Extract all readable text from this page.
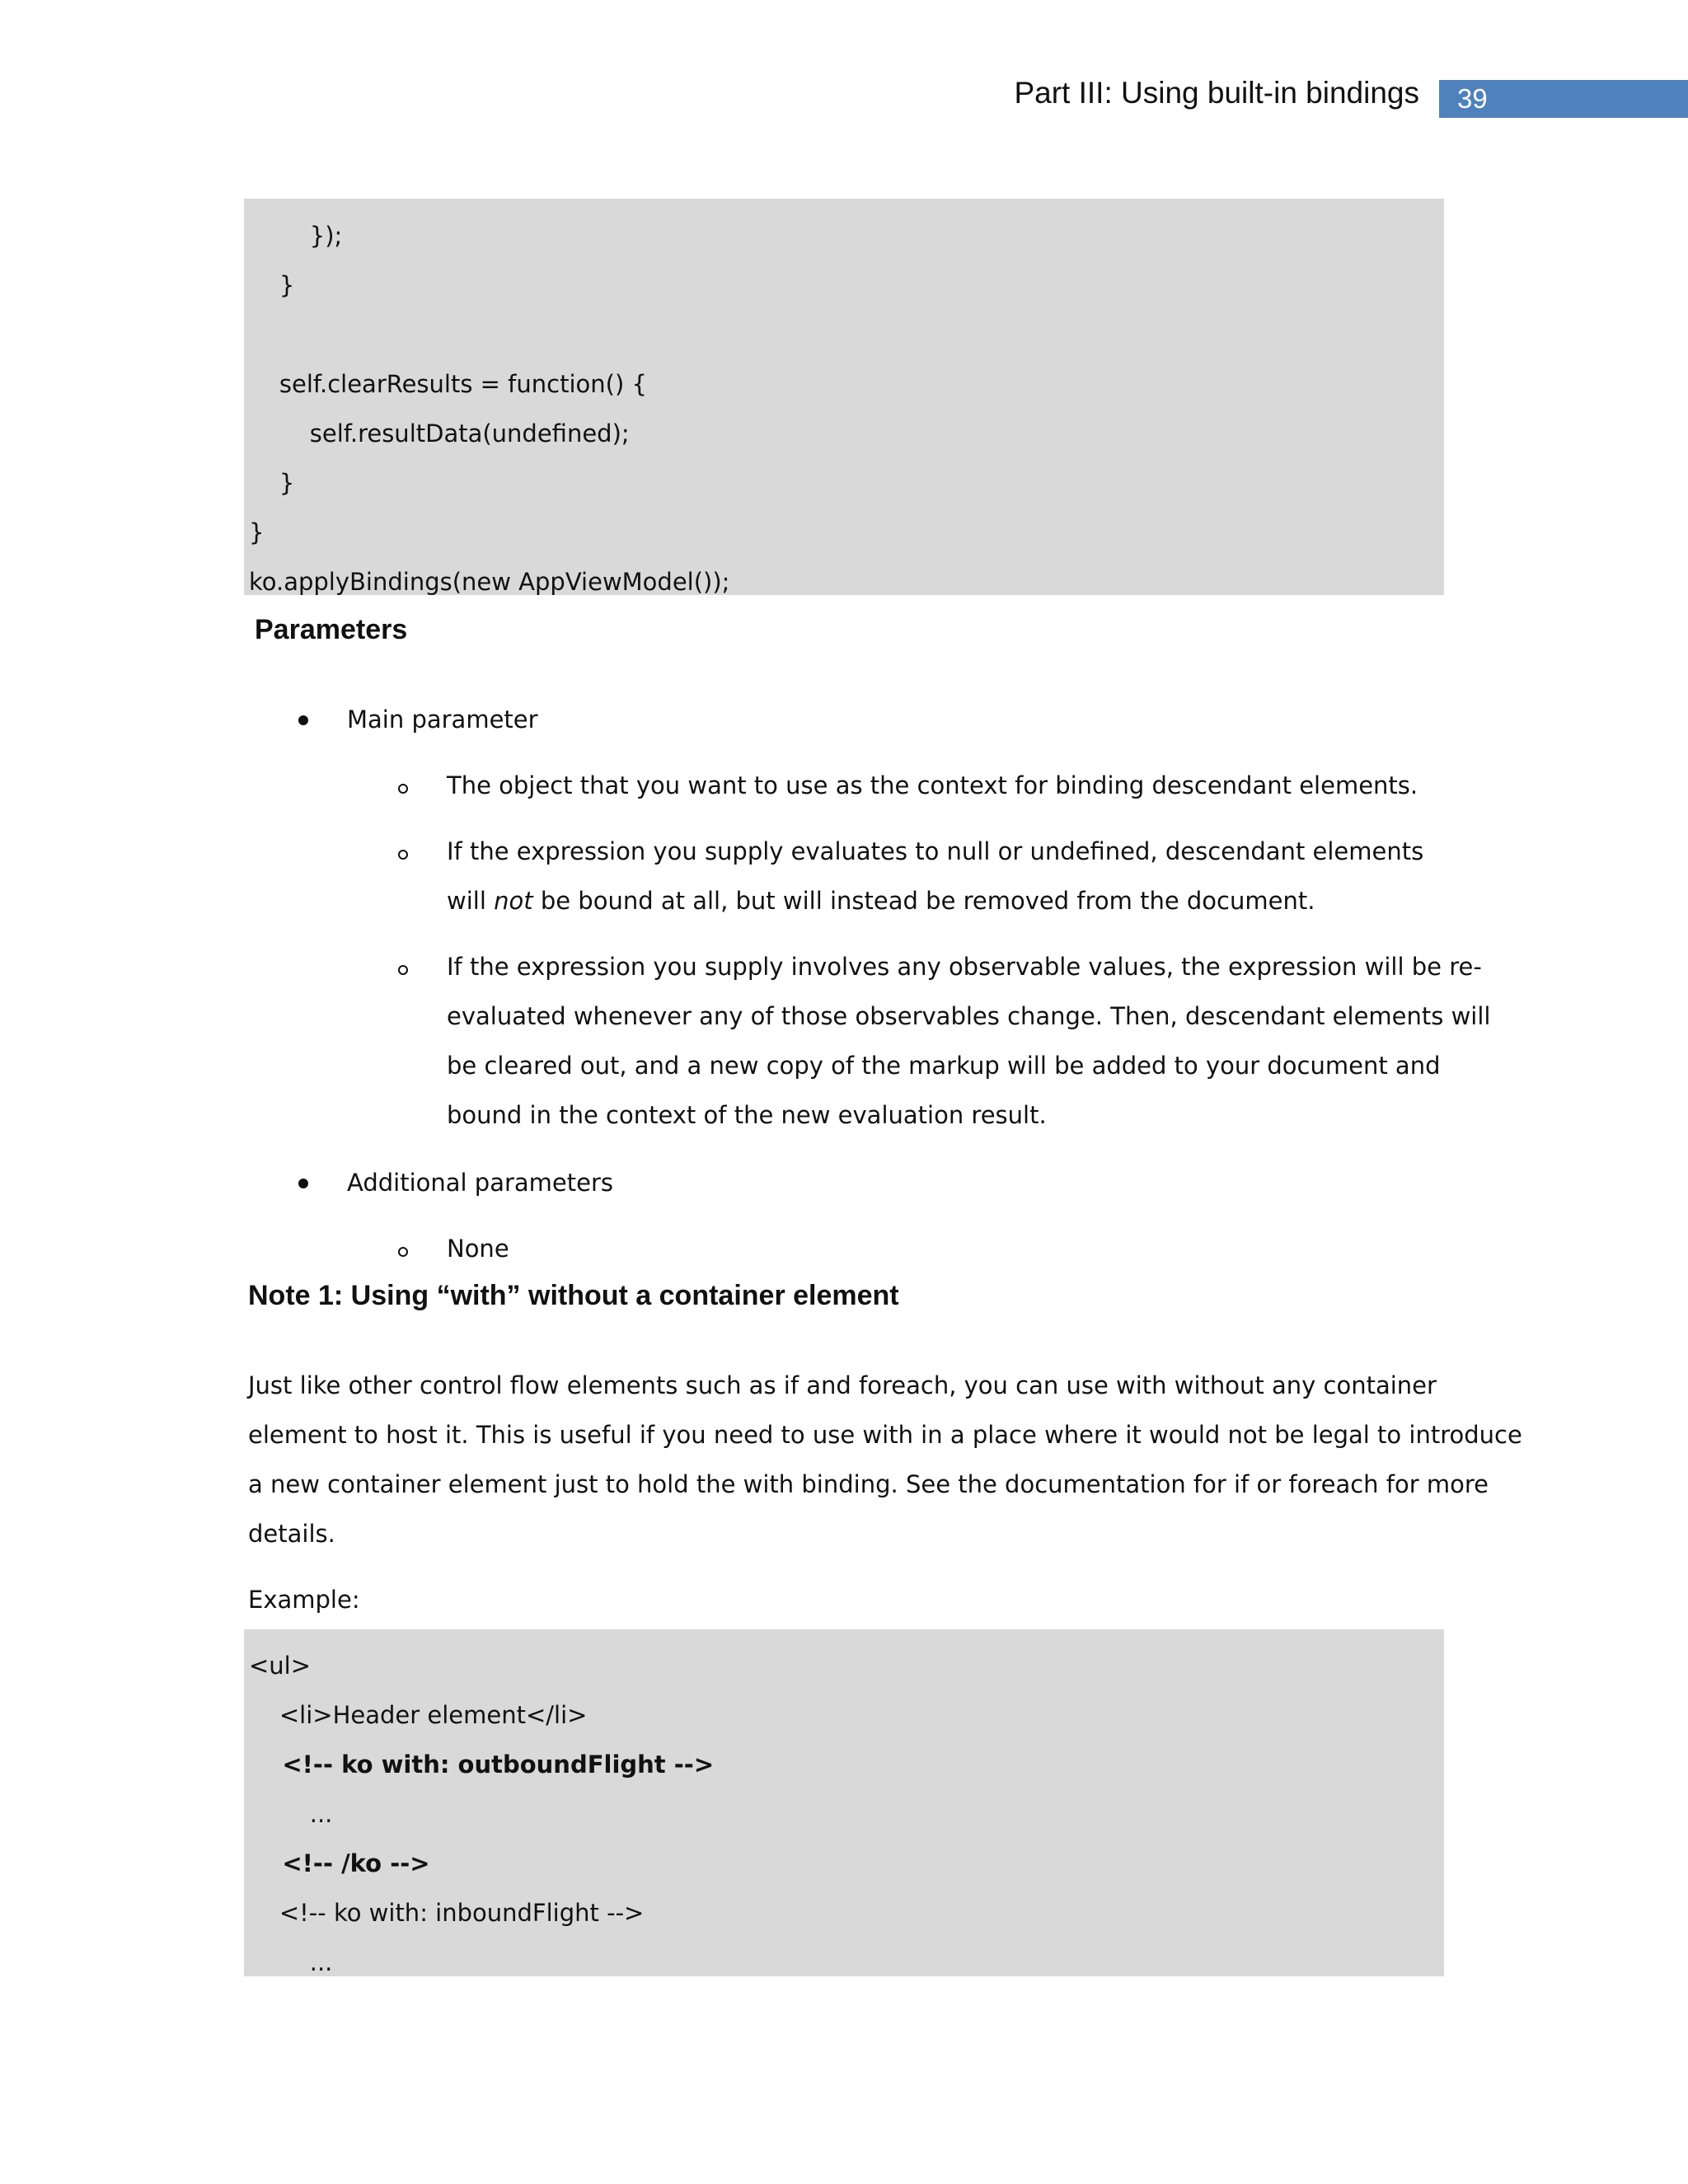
Part III: Using built-in bindings	39
});
}
self.clearResults = function() {
self.resultData(undefined);
}
}
ko.applyBindings(new AppViewModel());
Parameters
Main parameter
The object that you want to use as the context for binding descendant elements.
If the expression you supply evaluates to null or undefined, descendant elements
will not be bound at all, but will instead be removed from the document.
If the expression you supply involves any observable values, the expression will be re-
evaluated whenever any of those observables change. Then, descendant elements will
be cleared out, and a new copy of the markup will be added to your document and
bound in the context of the new evaluation result.
Additional parameters
None
Note 1: Using “with” without a container element
Just like other control flow elements such as if and foreach, you can use with without any container
element to host it. This is useful if you need to use with in a place where it would not be legal to introduce
a new container element just to hold the with binding. See the documentation for if or foreach for more
details.
Example:
<ul>
<li>Header element</li>
<!-- ko with: outboundFlight -->
...
<!-- /ko -->
<!-- ko with: inboundFlight -->
...
